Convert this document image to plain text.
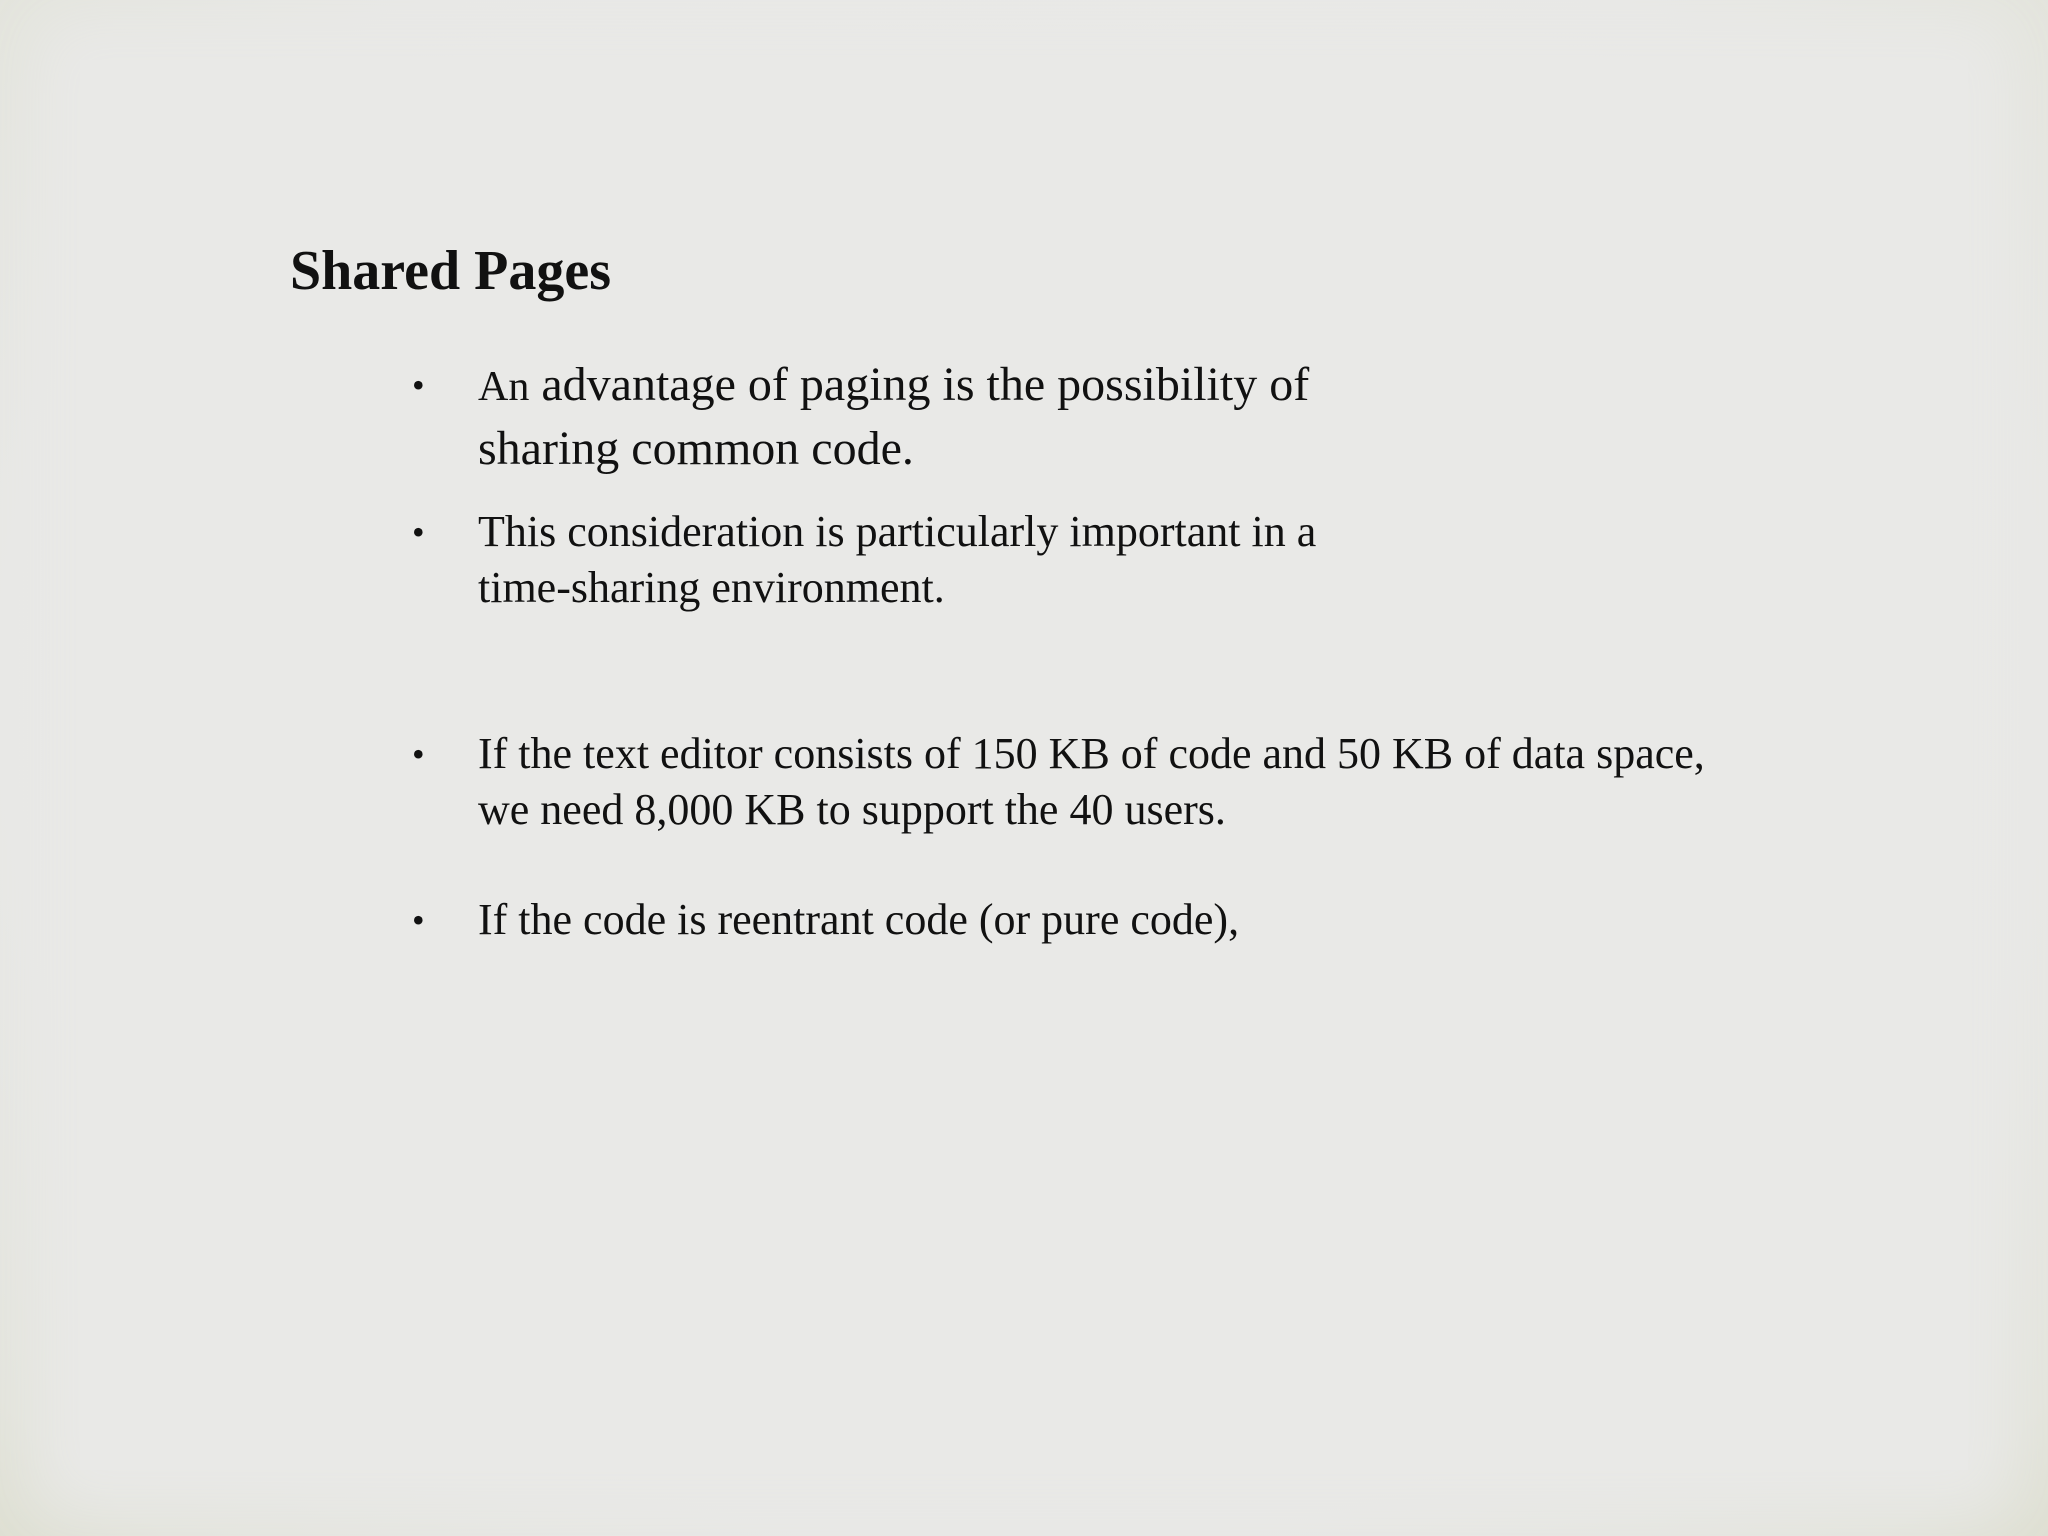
Shared Pages
•	An advantage of paging is the possibility of
sharing common code.
•	This consideration is particularly important in a
time-sharing environment.
•	If the text editor consists of 150 KB of code and 50 KB of data space,
we need 8,000 KB to support the 40 users.
•	If the code is reentrant code (or pure code),
